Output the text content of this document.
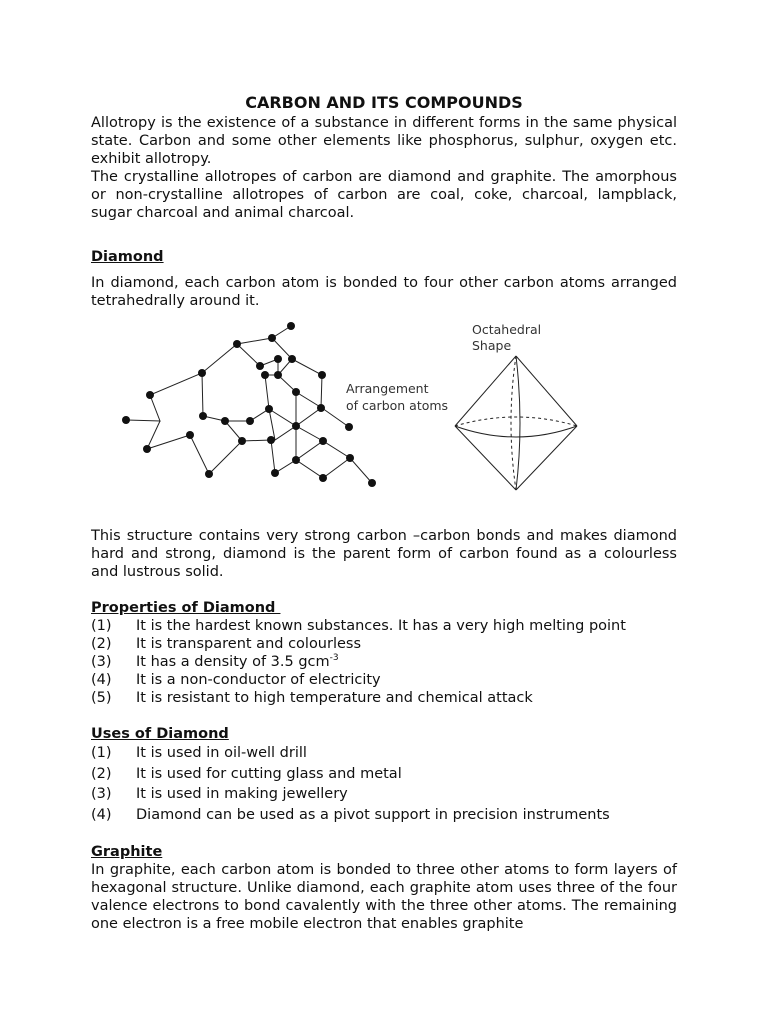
CARBON AND ITS COMPOUNDS

Allotropy is the existence of a substance in different forms in the same physical state. Carbon and some other elements like phosphorus, sulphur, oxygen etc. exhibit allotropy.

The crystalline allotropes of carbon are diamond and graphite. The amorphous or non-crystalline allotropes of carbon are coal, coke, charcoal, lampblack, sugar charcoal and animal charcoal.

Diamond

In diamond, each carbon atom is bonded to four other carbon atoms arranged tetrahedrally around it.

Arrangement
of carbon atoms
Octahedral
Shape

This structure contains very strong carbon –carbon bonds and makes diamond hard and strong, diamond is the parent form of carbon found as a colourless and lustrous solid.

Properties of Diamond
(1)	It is the hardest known substances. It has a very high melting point
(2)	It is transparent and colourless
(3)	It has a density of 3.5 gcm$^{-3}$
(4)	It is a non-conductor of electricity
(5)	It is resistant to high temperature and chemical attack
Uses of Diamond
(1)	It is used in oil-well drill
(2)	It is used for cutting glass and metal
(3)	It is used in making jewellery
(4)	Diamond can be used as a pivot support in precision instruments
Graphite

In graphite, each carbon atom is bonded to three other atoms to form layers of hexagonal structure. Unlike diamond, each graphite atom uses three of the four valence electrons to bond cavalently with the three other atoms. The remaining one electron is a free mobile electron that enables graphite
